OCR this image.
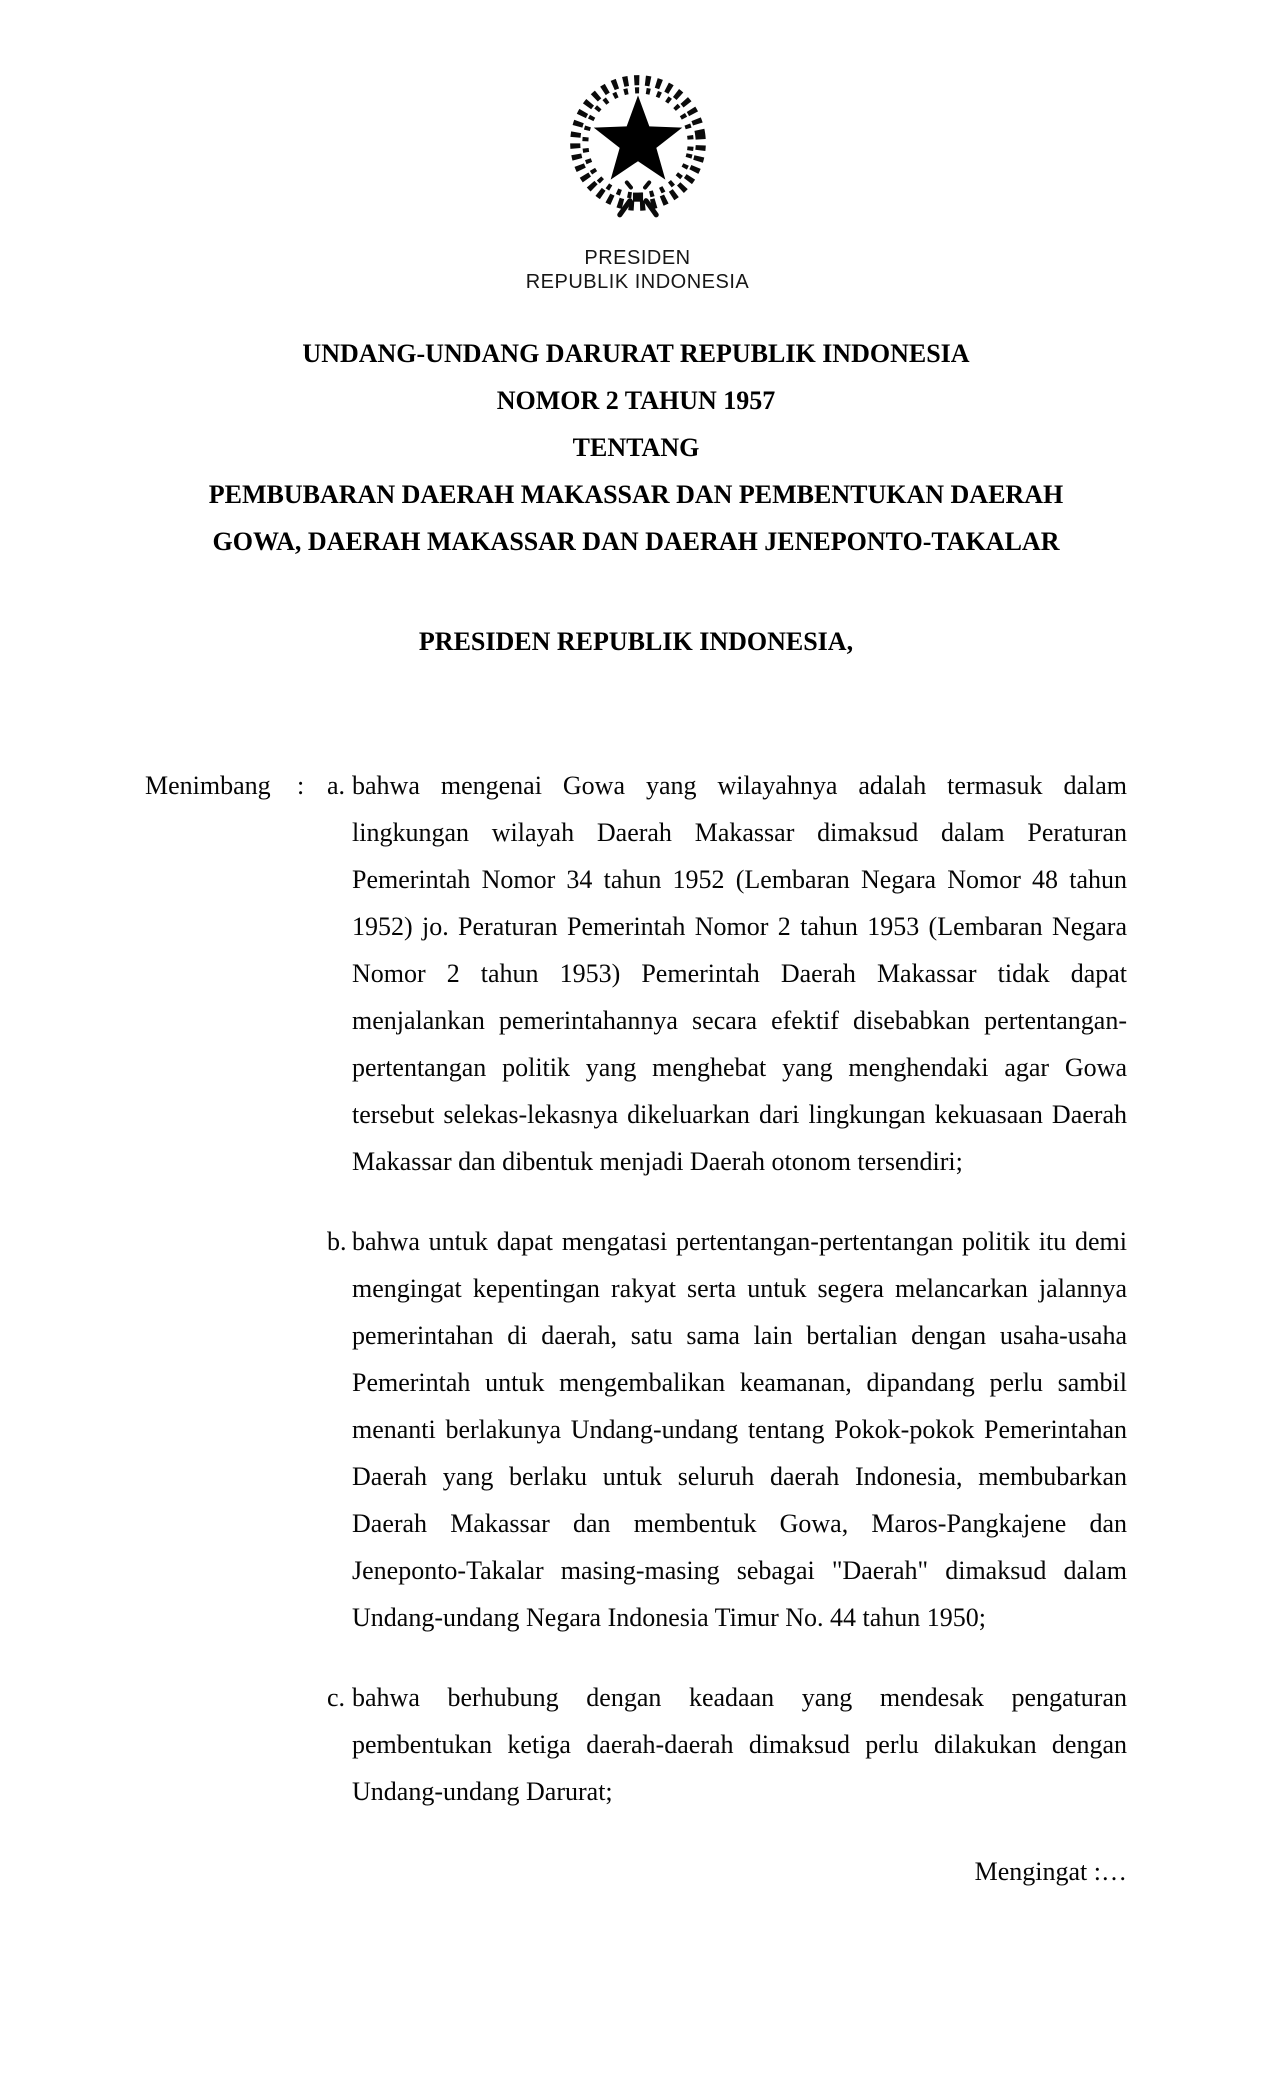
PRESIDEN
REPUBLIK INDONESIA
UNDANG-UNDANG DARURAT REPUBLIK INDONESIA
NOMOR 2 TAHUN 1957
TENTANG
PEMBUBARAN DAERAH MAKASSAR DAN PEMBENTUKAN DAERAH
GOWA, DAERAH MAKASSAR DAN DAERAH JENEPONTO-TAKALAR
PRESIDEN REPUBLIK INDONESIA,
Menimbang : a. bahwa mengenai Gowa yang wilayahnya adalah termasuk dalam lingkungan wilayah Daerah Makassar dimaksud dalam Peraturan Pemerintah Nomor 34 tahun 1952 (Lembaran Negara Nomor 48 tahun 1952) jo. Peraturan Pemerintah Nomor 2 tahun 1953 (Lembaran Negara Nomor 2 tahun 1953) Pemerintah Daerah Makassar tidak dapat menjalankan pemerintahannya secara efektif disebabkan pertentangan-pertentangan politik yang menghebat yang menghendaki agar Gowa tersebut selekas-lekasnya dikeluarkan dari lingkungan kekuasaan Daerah Makassar dan dibentuk menjadi Daerah otonom tersendiri;

b. bahwa untuk dapat mengatasi pertentangan-pertentangan politik itu demi mengingat kepentingan rakyat serta untuk segera melancarkan jalannya pemerintahan di daerah, satu sama lain bertalian dengan usaha-usaha Pemerintah untuk mengembalikan keamanan, dipandang perlu sambil menanti berlakunya Undang-undang tentang Pokok-pokok Pemerintahan Daerah yang berlaku untuk seluruh daerah Indonesia, membubarkan Daerah Makassar dan membentuk Gowa, Maros-Pangkajene dan Jeneponto-Takalar masing-masing sebagai "Daerah" dimaksud dalam Undang-undang Negara Indonesia Timur No. 44 tahun 1950;

c. bahwa berhubung dengan keadaan yang mendesak pengaturan pembentukan ketiga daerah-daerah dimaksud perlu dilakukan dengan Undang-undang Darurat;

Mengingat :…
